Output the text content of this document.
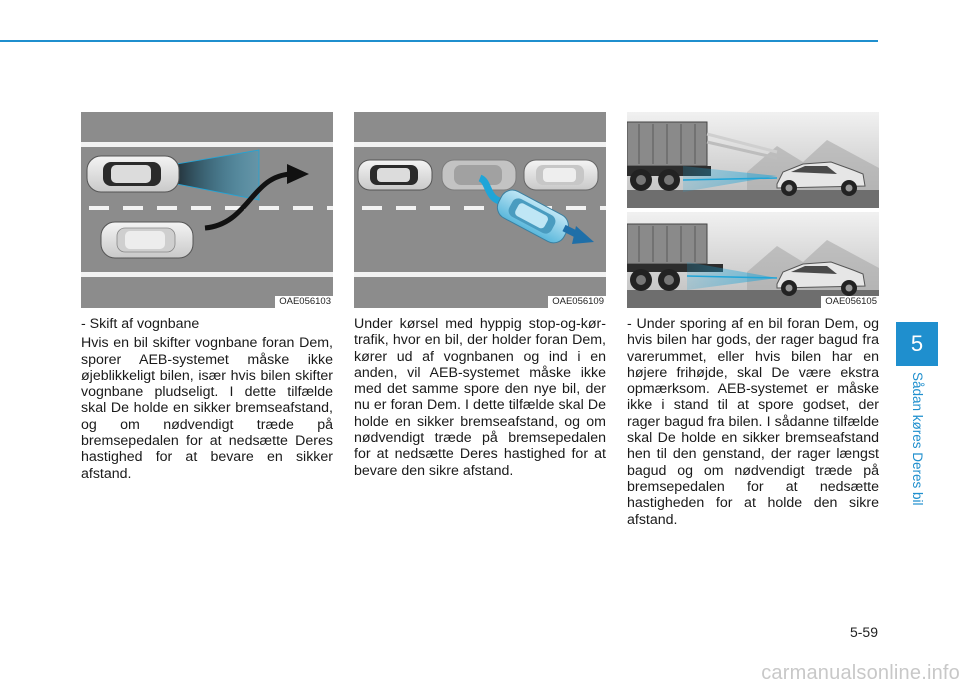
OAE056103	OAE056109	OAE056105

- Skift af vognbane

Hvis en bil skifter vognbane foran Dem, sporer AEB-systemet måske ikke øjeblikkeligt bilen, især hvis bilen skifter vognbane pludseligt. I dette tilfælde skal De holde en sikker bremseafstand, og om nødvendigt træde på bremsepedalen for at nedsætte Deres hastighed for at bevare en sikker afstand.

Under kørsel med hyppig stop-og-kør-trafik, hvor en bil, der holder foran Dem, kører ud af vognbanen og ind i en anden, vil AEB-systemet måske ikke med det samme spore den nye bil, der nu er foran Dem. I dette tilfælde skal De holde en sikker bremseafstand, og om nødvendigt træde på bremsepedalen for at nedsætte Deres hastighed for at bevare den sikre afstand.

- Under sporing af en bil foran Dem, og hvis bilen har gods, der rager bagud fra varerummet, eller hvis bilen har en højere frihøjde, skal De være ekstra opmærksom. AEB-systemet er måske ikke i stand til at spore godset, der rager bagud fra bilen. I sådanne tilfælde skal De holde en sikker bremseafstand hen til den genstand, der rager længst bagud og om nødvendigt træde på bremsepedalen for at nedsætte hastigheden for at holde den sikre afstand.

5
Sådan køres Deres bil
5-59
carmanualsonline.info
